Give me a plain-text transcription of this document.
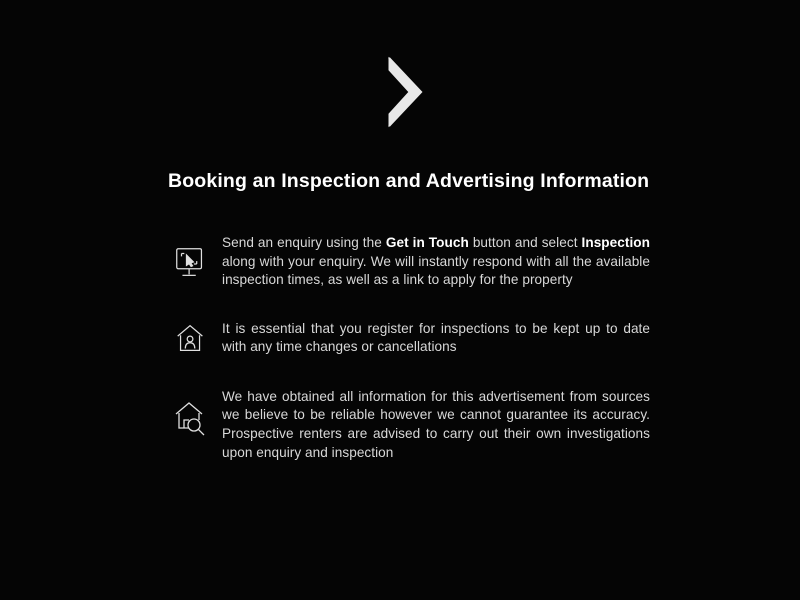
Booking an Inspection and Advertising Information
Send an enquiry using the Get in Touch button and select Inspection along with your enquiry. We will instantly respond with all the available inspection times, as well as a link to apply for the property
It is essential that you register for inspections to be kept up to date with any time changes or cancellations
We have obtained all information for this advertisement from sources we believe to be reliable however we cannot guarantee its accuracy. Prospective renters are advised to carry out their own investigations upon enquiry and inspection
